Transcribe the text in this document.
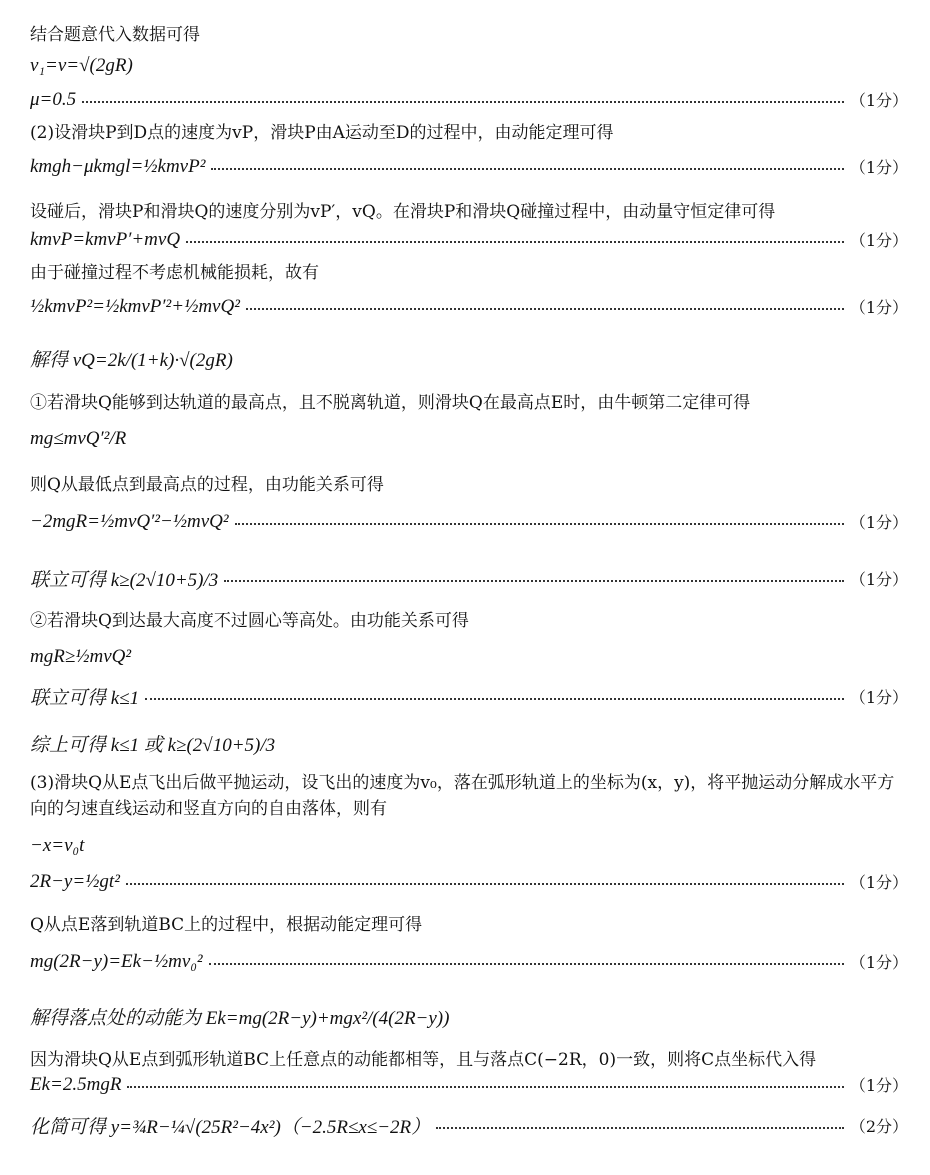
结合题意代入数据可得
v₁=v=√(2gR)
μ=0.5	（1分）
(2)设滑块P到D点的速度为vP，滑块P由A运动至D的过程中，由动能定理可得
kmgh−μkmgl=½kmvP²	（1分）
设碰后，滑块P和滑块Q的速度分别为vP′，vQ。在滑块P和滑块Q碰撞过程中，由动量守恒定律可得
kmvP=kmvP′+mvQ	（1分）
由于碰撞过程不考虑机械能损耗，故有
½kmvP²=½kmvP′²+½mvQ²	（1分）
解得 vQ=2k/(1+k)·√(2gR)
①若滑块Q能够到达轨道的最高点，且不脱离轨道，则滑块Q在最高点E时，由牛顿第二定律可得
mg≤mvQ′²/R
则Q从最低点到最高点的过程，由功能关系可得
−2mgR=½mvQ′²−½mvQ²	（1分）
联立可得 k≥(2√10+5)/3	（1分）
②若滑块Q到达最大高度不过圆心等高处。由功能关系可得
mgR≥½mvQ²
联立可得 k≤1	（1分）
综上可得 k≤1 或 k≥(2√10+5)/3
(3)滑块Q从E点飞出后做平抛运动，设飞出的速度为v₀，落在弧形轨道上的坐标为(x，y)，将平抛运动分解成水平方向的匀速直线运动和竖直方向的自由落体，则有
−x=v₀t
2R−y=½gt²	（1分）
Q从点E落到轨道BC上的过程中，根据动能定理可得
mg(2R−y)=Ek−½mv₀²	（1分）
解得落点处的动能为 Ek=mg(2R−y)+mgx²/(4(2R−y))
因为滑块Q从E点到弧形轨道BC上任意点的动能都相等，且与落点C(−2R，0)一致，则将C点坐标代入得
Ek=2.5mgR	（1分）
化简可得 y=¾R−¼√(25R²−4x²)（−2.5R≤x≤−2R）	（2分）
